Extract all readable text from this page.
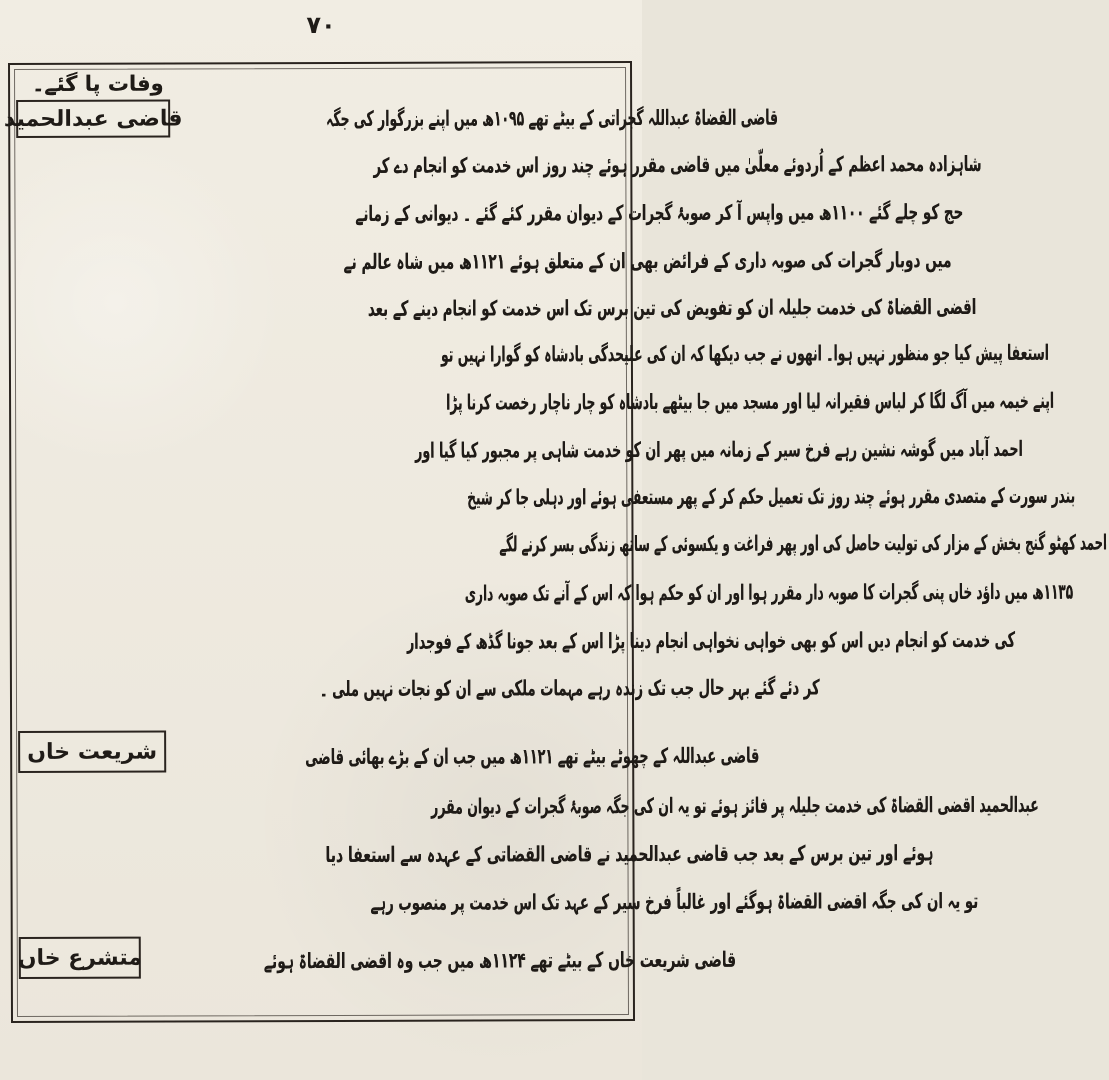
۷۰
وفات پا گئے۔
قاضی عبدالحمید	قاضی القضاۃ عبداللہ گجراتی کے بیٹے تھے ۱۰۹۵ھ میں اپنے بزرگوار کی جگہ
شاہزادہ محمد اعظم کے اُردوئے معلّیٰ میں قاضی مقرر ہوئے چند روز اس خدمت کو انجام دے کر
حج کو چلے گئے ۱۱۰۰ھ میں واپس آ کر صوبۂ گجرات کے دیوان مقرر کئے گئے ۔ دیوانی کے زمانے
میں دوبار گجرات کی صوبہ داری کے فرائض بھی ان کے متعلق ہوئے ۱۱۲۱ھ میں شاہ عالم نے
اقضی القضاۃ کی خدمت جلیلہ ان کو تفویض کی تین برس تک اس خدمت کو انجام دینے کے بعد
استعفا پیش کیا جو منظور نہیں ہوا۔ انھوں نے جب دیکھا کہ ان کی علیحدگی بادشاہ کو گوارا نہیں تو
اپنے خیمہ میں آگ لگا کر لباس فقیرانہ لیا اور مسجد میں جا بیٹھے بادشاہ کو چار ناچار رخصت کرنا پڑا
احمد آباد میں گوشہ نشین رہے فرخ سیر کے زمانہ میں پھر ان کو خدمت شاہی پر مجبور کیا گیا اور
بندر سورت کے متصدی مقرر ہوئے چند روز تک تعمیل حکم کر کے پھر مستعفی ہوئے اور دہلی جا کر شیخ
احمد کھٹو گنج بخش کے مزار کی تولیت حاصل کی اور پھر فراغت و یکسوئی کے ساتھ زندگی بسر کرنے لگے
۱۱۳۵ھ میں داؤد خاں پنی گجرات کا صوبہ دار مقرر ہوا اور ان کو حکم ہوا کہ اس کے آنے تک صوبہ داری
کی خدمت کو انجام دیں اس کو بھی خواہی نخواہی انجام دینا پڑا اس کے بعد جونا گڈھ کے فوجدار
کر دئے گئے بہر حال جب تک زندہ رہے مہمات ملکی سے ان کو نجات نہیں ملی ۔
شریعت خاں	قاضی عبداللہ کے چھوٹے بیٹے تھے ۱۱۲۱ھ میں جب ان کے بڑے بھائی قاضی
عبدالحمید اقضی القضاۃ کی خدمت جلیلہ پر فائز ہوئے تو یہ ان کی جگہ صوبۂ گجرات کے دیوان مقرر
ہوئے اور تین برس کے بعد جب قاضی عبدالحمید نے قاضی القضاتی کے عہدہ سے استعفا دیا
تو یہ ان کی جگہ اقضی القضاۃ ہوگئے اور غالباً فرخ سیر کے عہد تک اس خدمت پر منصوب رہے
متشرع خاں	قاضی شریعت خاں کے بیٹے تھے ۱۱۲۴ھ میں جب وہ اقضی القضاۃ ہوئے
